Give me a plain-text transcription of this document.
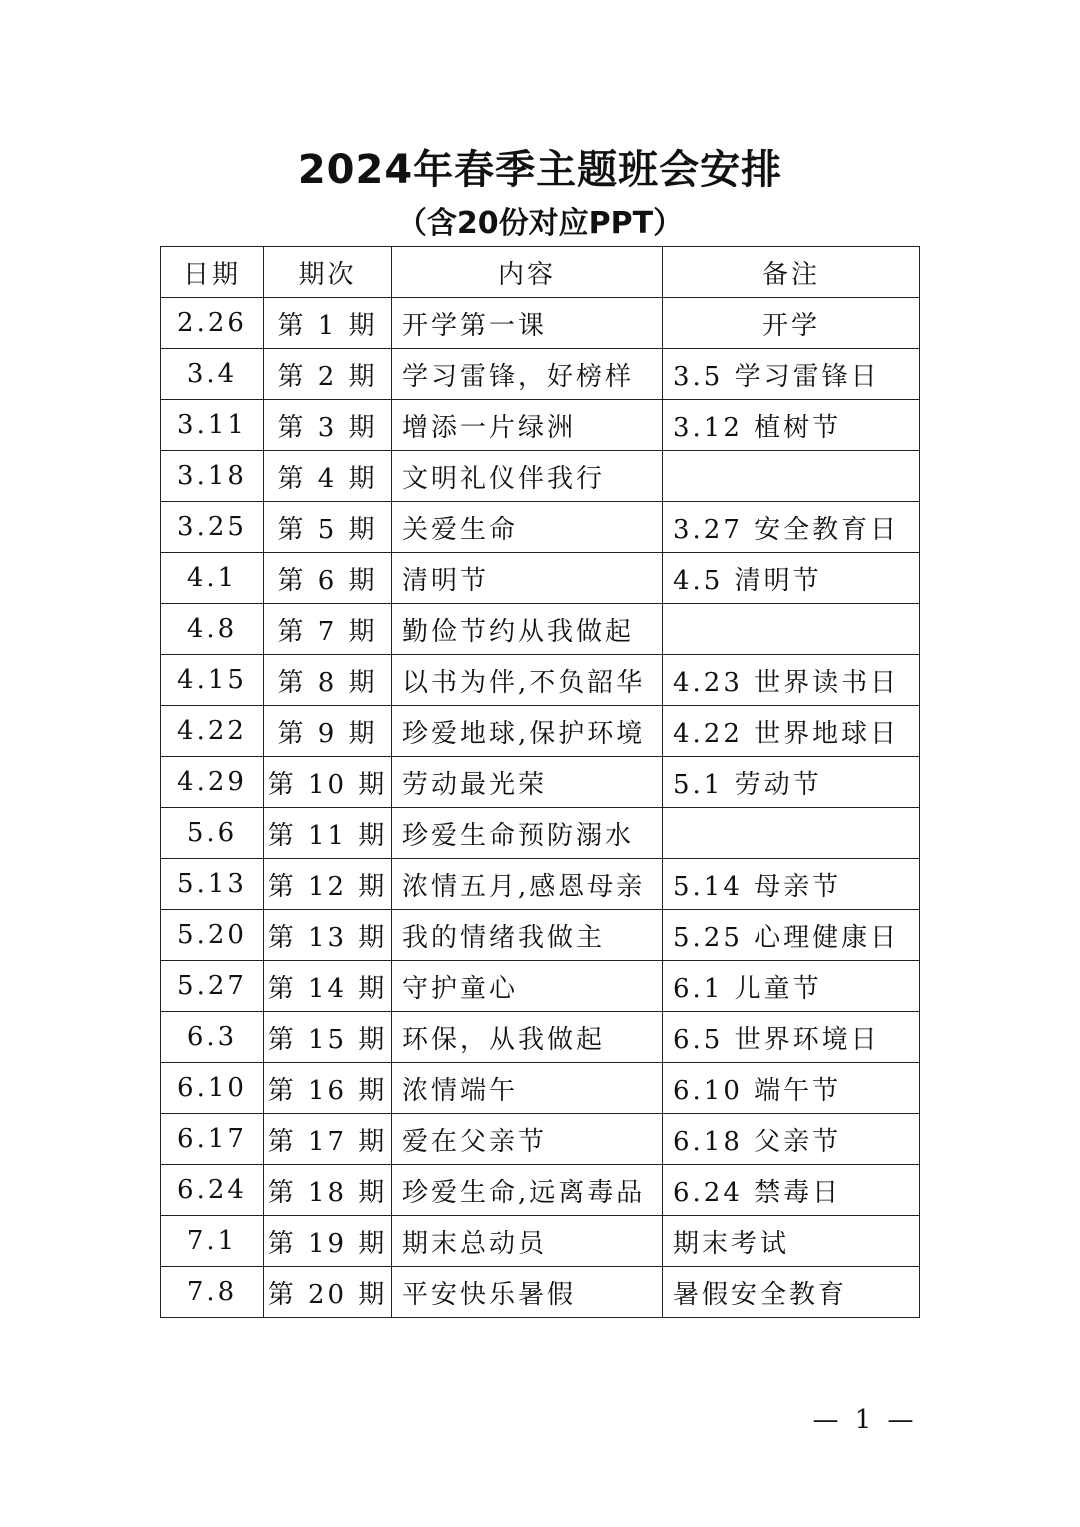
2024年春季主题班会安排
（含20份对应PPT）
日期	期次	内容	备注
2.26	第 1 期	开学第一课	开学
3.4	第 2 期	学习雷锋，好榜样	3.5 学习雷锋日
3.11	第 3 期	增添一片绿洲	3.12 植树节
3.18	第 4 期	文明礼仪伴我行	
3.25	第 5 期	关爱生命	3.27 安全教育日
4.1	第 6 期	清明节	4.5 清明节
4.8	第 7 期	勤俭节约从我做起	
4.15	第 8 期	以书为伴,不负韶华	4.23 世界读书日
4.22	第 9 期	珍爱地球,保护环境	4.22 世界地球日
4.29	第 10 期	劳动最光荣	5.1 劳动节
5.6	第 11 期	珍爱生命预防溺水	
5.13	第 12 期	浓情五月,感恩母亲	5.14 母亲节
5.20	第 13 期	我的情绪我做主	5.25 心理健康日
5.27	第 14 期	守护童心	6.1 儿童节
6.3	第 15 期	环保，从我做起	6.5 世界环境日
6.10	第 16 期	浓情端午	6.10 端午节
6.17	第 17 期	爱在父亲节	6.18 父亲节
6.24	第 18 期	珍爱生命,远离毒品	6.24 禁毒日
7.1	第 19 期	期末总动员	期末考试
7.8	第 20 期	平安快乐暑假	暑假安全教育
— 1 —
